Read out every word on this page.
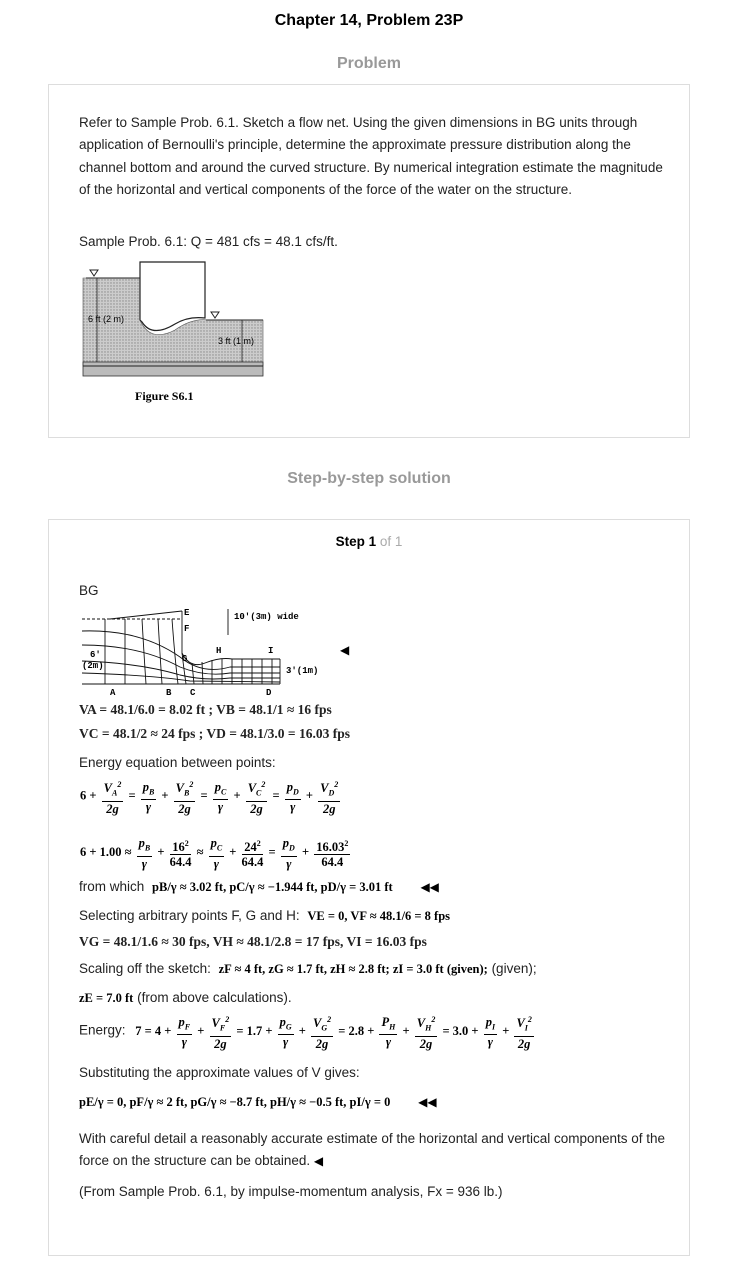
Chapter 14, Problem 23P
Problem
Refer to Sample Prob. 6.1. Sketch a flow net. Using the given dimensions in BG units through application of Bernoulli's principle, determine the approximate pressure distribution along the channel bottom and around the curved structure. By numerical integration estimate the magnitude of the horizontal and vertical components of the force of the water on the structure.
Sample Prob. 6.1: Q = 481 cfs = 48.1 cfs/ft.
6 ft (2 m)
3 ft (1 m)
Figure S6.1
Step-by-step solution
Step 1 of 1
BG
10'(3m) wide
3'(1m)
6'
(2m)
A	B C	D
E
F
G
H	I	◀
VA = 48.1/6.0 = 8.02 ft ; VB = 48.1/1 ≈ 16 fps
VC = 48.1/2 ≈ 24 fps ; VD = 48.1/3.0 = 16.03 fps
Energy equation between points:
$6 + \frac{V_A^2}{2g} = \frac{p_B}{\gamma} + \frac{V_B^2}{2g} = \frac{p_C}{\gamma} + \frac{V_C^2}{2g} = \frac{p_D}{\gamma} + \frac{V_D^2}{2g}$
$6 + 1.00 \approx \frac{p_B}{\gamma} + \frac{16^2}{64.4} \approx \frac{p_C}{\gamma} + \frac{24^2}{64.4} = \frac{p_D}{\gamma} + \frac{16.03^2}{64.4}$
from which pB/γ ≈ 3.02 ft, pC/γ ≈ −1.944 ft, pD/γ = 3.01 ft ◀◀
Selecting arbitrary points F, G and H: VE = 0, VF ≈ 48.1/6 = 8 fps
VG = 48.1/1.6 ≈ 30 fps, VH ≈ 48.1/2.8 = 17 fps, VI = 16.03 fps
Scaling off the sketch: zF ≈ 4 ft, zG ≈ 1.7 ft, zH ≈ 2.8 ft; zI = 3.0 ft (given); (given);
zE = 7.0 ft (from above calculations).
Energy: $7 = 4 + \frac{p_F}{\gamma} + \frac{V_F^2}{2g} = 1.7 + \frac{p_G}{\gamma} + \frac{V_G^2}{2g} = 2.8 + \frac{P_H}{\gamma} + \frac{V_H^2}{2g} = 3.0 + \frac{p_I}{\gamma} + \frac{V_I^2}{2g}$
Substituting the approximate values of V gives:
pE/γ = 0, pF/γ ≈ 2 ft, pG/γ ≈ −8.7 ft, pH/γ ≈ −0.5 ft, pI/γ = 0 ◀◀
With careful detail a reasonably accurate estimate of the horizontal and vertical components of the force on the structure can be obtained. ◀
(From Sample Prob. 6.1, by impulse-momentum analysis, Fx = 936 lb.)
